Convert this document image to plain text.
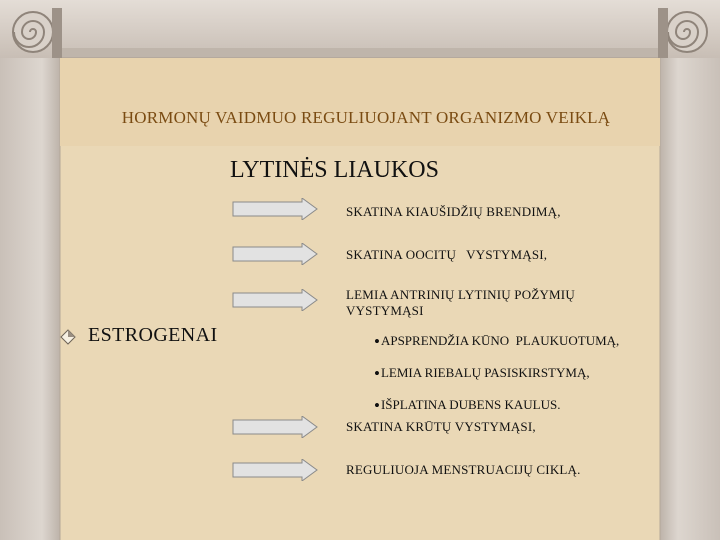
HORMONŲ VAIDMUO REGULIUOJANT ORGANIZMO VEIKLĄ
LYTINĖS LIAUKOS
SKATINA KIAUŠIDŽIŲ BRENDIMĄ,
SKATINA OOCITŲ   VYSTYMĄSI,
LEMIA ANTRINIŲ LYTINIŲ POŽYMIŲ
VYSTYMĄSI
•APSPRENDŽIA KŪNO  PLAUKUOTUMĄ,
•LEMIA RIEBALŲ PASISKIRSTYMĄ,
•IŠPLATINA DUBENS KAULUS.
SKATINA KRŪTŲ VYSTYMĄSI,
REGULIUOJA MENSTRUACIJŲ CIKLĄ.
ESTROGENAI
